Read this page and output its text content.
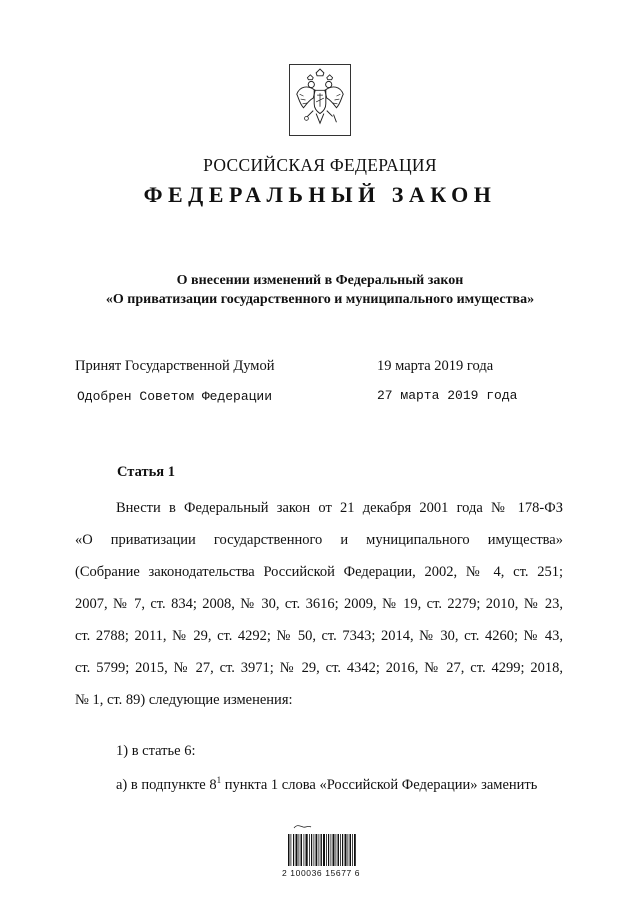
РОССИЙСКАЯ ФЕДЕРАЦИЯ
ФЕДЕРАЛЬНЫЙ ЗАКОН
О внесении изменений в Федеральный закон
«О приватизации государственного и муниципального имущества»
Принят Государственной Думой	19 марта 2019 года
Одобрен Советом Федерации	27 марта 2019 года
Статья 1
Внести в Федеральный закон от 21 декабря 2001 года № 178-ФЗ
«О приватизации государственного и муниципального имущества»
(Собрание законодательства Российской Федерации, 2002, № 4, ст. 251;
2007, № 7, ст. 834; 2008, № 30, ст. 3616; 2009, № 19, ст. 2279; 2010, № 23,
ст. 2788; 2011, № 29, ст. 4292; № 50, ст. 7343; 2014, № 30, ст. 4260; № 43,
ст. 5799; 2015, № 27, ст. 3971; № 29, ст. 4342; 2016, № 27, ст. 4299; 2018,
№ 1, ст. 89) следующие изменения:
1) в статье 6:
а) в подпункте $8^1$ пункта 1 слова «Российской Федерации» заменить
2 100036 15677 6
